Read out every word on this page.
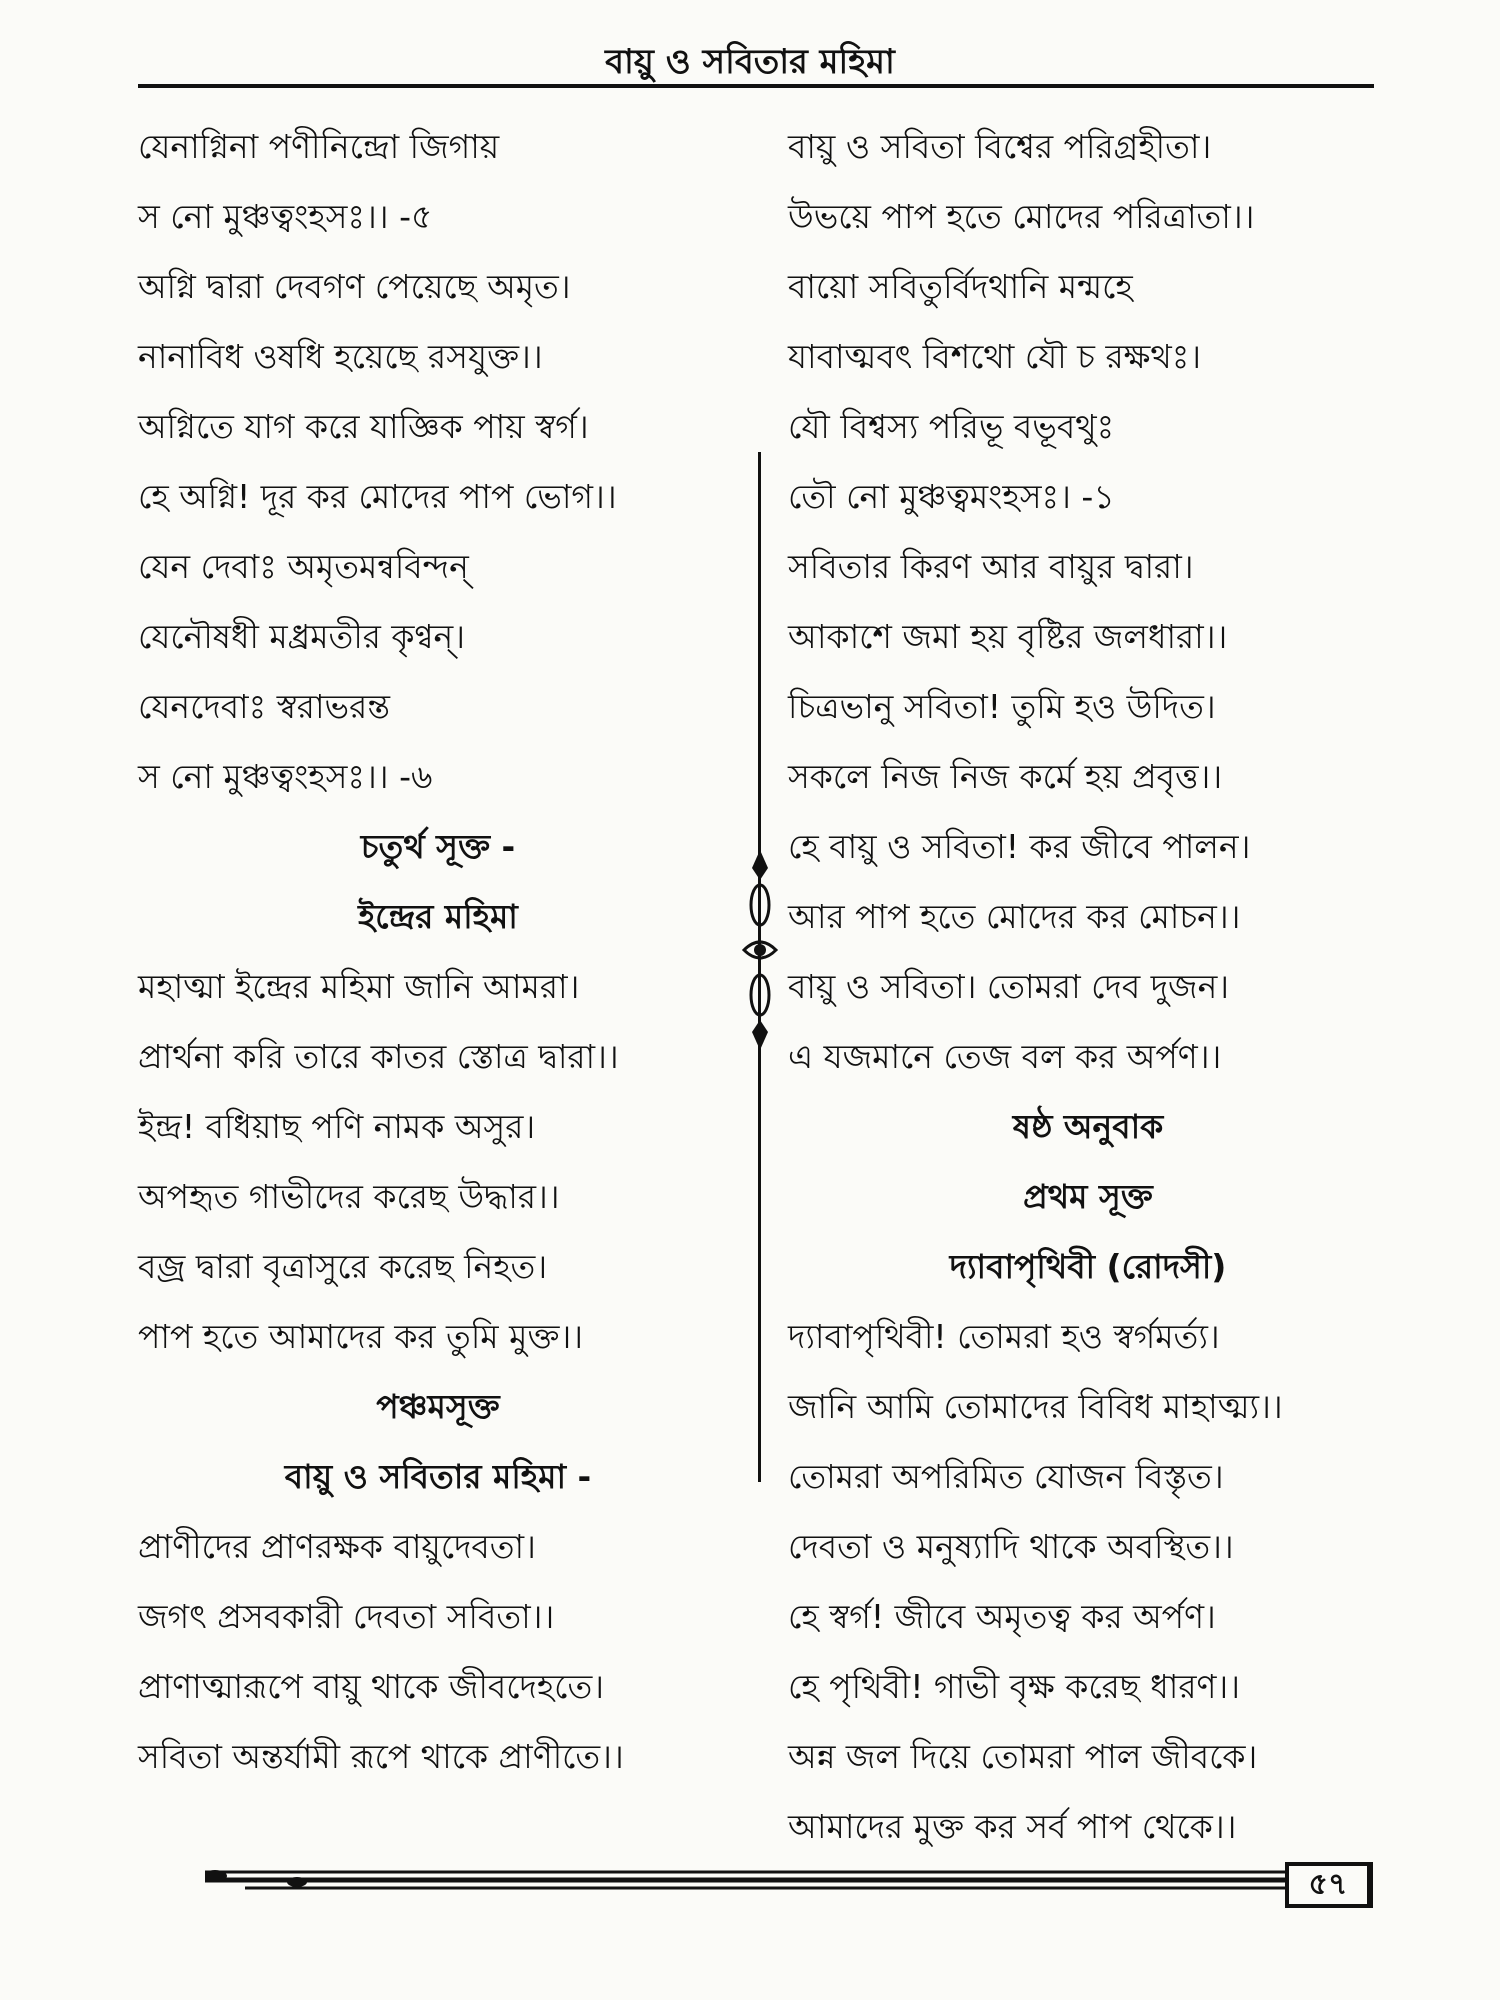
বায়ু ও সবিতার মহিমা
যেনাগ্নিনা পণীনিন্দ্রো জিগায়
স নো মুঞ্চত্বংহসঃ।। -৫
অগ্নি দ্বারা দেবগণ পেয়েছে অমৃত।
নানাবিধ ওষধি হয়েছে রসযুক্ত।।
অগ্নিতে যাগ করে যাজ্ঞিক পায় স্বর্গ।
হে অগ্নি! দূর কর মোদের পাপ ভোগ।।
যেন দেবাঃ অমৃতমন্ববিন্দন্
যেনৌষধী মধ্রমতীর কৃণ্বন্।
যেনদেবাঃ স্বরাভরন্ত
স নো মুঞ্চত্বংহসঃ।। -৬
চতুর্থ সূক্ত -
ইন্দ্রের মহিমা
মহাত্মা ইন্দ্রের মহিমা জানি আমরা।
প্রার্থনা করি তারে কাতর স্তোত্র দ্বারা।।
ইন্দ্র! বধিয়াছ পণি নামক অসুর।
অপহৃত গাভীদের করেছ উদ্ধার।।
বজ্র দ্বারা বৃত্রাসুরে করেছ নিহত।
পাপ হতে আমাদের কর তুমি মুক্ত।।
পঞ্চমসূক্ত
বায়ু ও সবিতার মহিমা -
প্রাণীদের প্রাণরক্ষক বায়ুদেবতা।
জগৎ প্রসবকারী দেবতা সবিতা।।
প্রাণাত্মারূপে বায়ু থাকে জীবদেহতে।
সবিতা অন্তর্যামী রূপে থাকে প্রাণীতে।।
বায়ু ও সবিতা বিশ্বের পরিগ্রহীতা।
উভয়ে পাপ হতে মোদের পরিত্রাতা।।
বায়ো সবিতুর্বিদথানি মন্মহে
যাবাত্মবৎ বিশথো যৌ চ রক্ষথঃ।
যৌ বিশ্বস্য পরিভূ বভূবথুঃ
তৌ নো মুঞ্চত্বমংহসঃ। -১
সবিতার কিরণ আর বায়ুর দ্বারা।
আকাশে জমা হয় বৃষ্টির জলধারা।।
চিত্রভানু সবিতা! তুমি হও উদিত।
সকলে নিজ নিজ কর্মে হয় প্রবৃত্ত।।
হে বায়ু ও সবিতা! কর জীবে পালন।
আর পাপ হতে মোদের কর মোচন।।
বায়ু ও সবিতা। তোমরা দেব দুজন।
এ যজমানে তেজ বল কর অর্পণ।।
ষষ্ঠ অনুবাক
প্রথম সূক্ত
দ্যাবাপৃথিবী (রোদসী)
দ্যাবাপৃথিবী! তোমরা হও স্বর্গমর্ত্য।
জানি আমি তোমাদের বিবিধ মাহাত্ম্য।।
তোমরা অপরিমিত যোজন বিস্তৃত।
দেবতা ও মনুষ্যাদি থাকে অবস্থিত।।
হে স্বর্গ! জীবে অমৃতত্ব কর অর্পণ।
হে পৃথিবী! গাভী বৃক্ষ করেছ ধারণ।।
অন্ন জল দিয়ে তোমরা পাল জীবকে।
আমাদের মুক্ত কর সর্ব পাপ থেকে।।
৫৭
